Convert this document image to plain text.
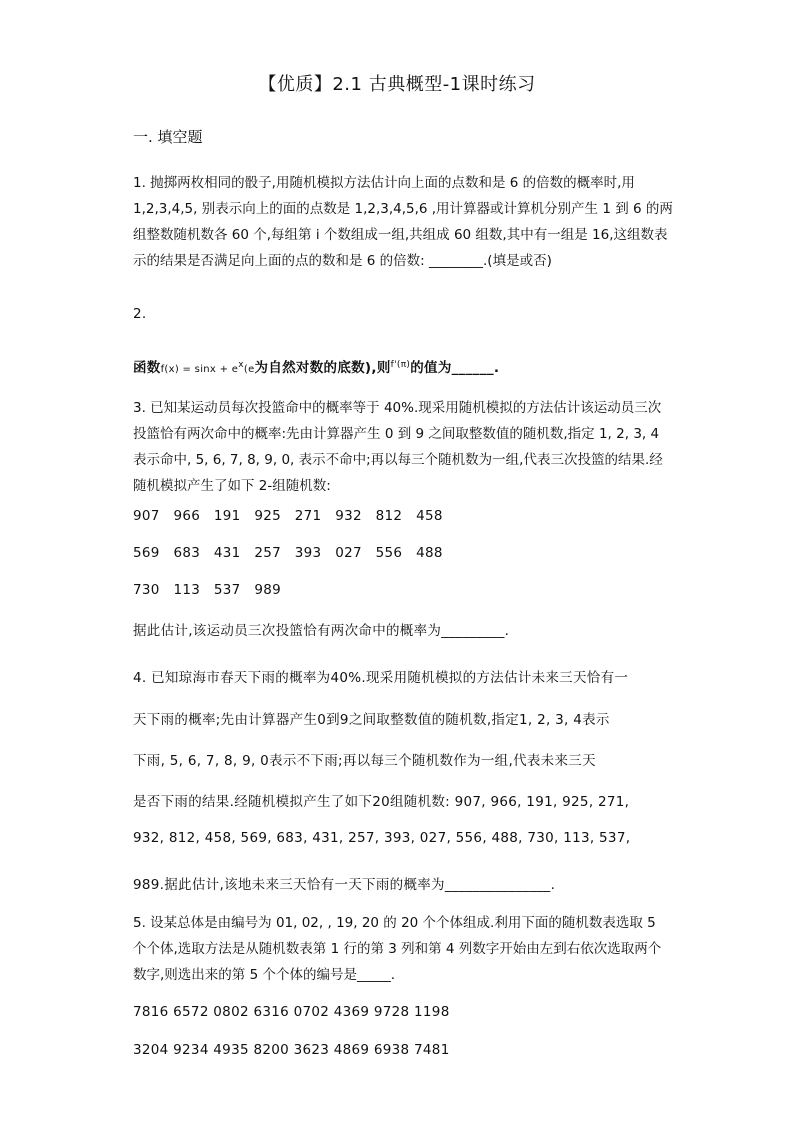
【优质】2.1 古典概型-1课时练习
一. 填空题

1. 抛掷两枚相同的骰子,用随机模拟方法估计向上面的点数和是 6 的倍数的概率时,用 1,2,3,4,5, 别表示向上的面的点数是 1,2,3,4,5,6 ,用计算器或计算机分别产生 1 到 6 的两组整数随机数各 60 个,每组第 i 个数组成一组,共组成 60 组数,其中有一组是 16,这组数表示的结果是否满足向上面的点的数和是 6 的倍数: ________.(填是或否)

2.
函数$f(x) = \sin x + e^x(e$为自然对数的底数),则$^{f'(\pi)}$的值为______.

3. 已知某运动员每次投篮命中的概率等于 40%.现采用随机模拟的方法估计该运动员三次投篮恰有两次命中的概率:先由计算器产生 0 到 9 之间取整数值的随机数,指定 1, 2, 3, 4 表示命中, 5, 6, 7, 8, 9, 0, 表示不命中;再以每三个随机数为一组,代表三次投篮的结果.经随机模拟产生了如下 2-组随机数:

907   966   191   925   271   932   812   458
569   683   431   257   393   027   556   488
730   113   537   989
据此估计,该运动员三次投篮恰有两次命中的概率为_________.
4. 已知琼海市春天下雨的概率为40%.现采用随机模拟的方法估计未来三天恰有一
天下雨的概率;先由计算器产生0到9之间取整数值的随机数,指定1, 2, 3, 4表示
下雨, 5, 6, 7, 8, 9, 0表示不下雨;再以每三个随机数作为一组,代表未来三天
是否下雨的结果.经随机模拟产生了如下20组随机数: 907, 966, 191, 925, 271,
932, 812, 458, 569, 683, 431, 257, 393, 027, 556, 488, 730, 113, 537,
989.据此估计,该地未来三天恰有一天下雨的概率为_______________.

5. 设某总体是由编号为 01, 02, , 19, 20 的 20 个个体组成.利用下面的随机数表选取 5 个个体,选取方法是从随机数表第 1 行的第 3 列和第 4 列数字开始由左到右依次选取两个数字,则选出来的第 5 个个体的编号是_____.

7816 6572 0802 6316 0702 4369 9728 1198
3204 9234 4935 8200 3623 4869 6938 7481
